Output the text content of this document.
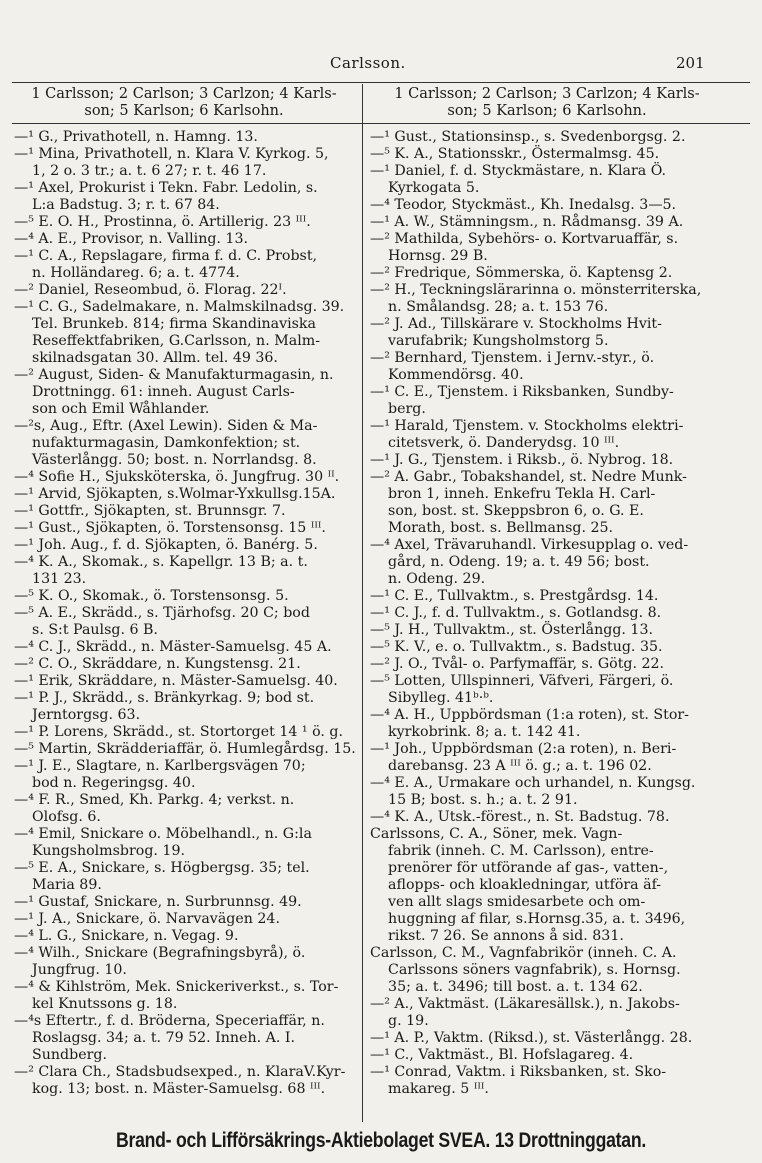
Carlsson.	201
1 Carlsson; 2 Carlson; 3 Carlzon; 4 Karls-
son; 5 Karlson; 6 Karlsohn.
1 Carlsson; 2 Carlson; 3 Carlzon; 4 Karls-
son; 5 Karlson; 6 Karlsohn.
—¹ G., Privathotell, n. Hamng. 13.
—¹ Mina, Privathotell, n. Klara V. Kyrkog. 5,
1, 2 o. 3 tr.; a. t. 6 27; r. t. 46 17.
—¹ Axel, Prokurist i Tekn. Fabr. Ledolin, s.
L:a Badstug. 3; r. t. 67 84.
—⁵ E. O. H., Prostinna, ö. Artillerig. 23 ᴵᴵᴵ.
—⁴ A. E., Provisor, n. Valling. 13.
—¹ C. A., Repslagare, firma f. d. C. Probst,
n. Holländareg. 6; a. t. 4774.
—² Daniel, Reseombud, ö. Florag. 22ᴵ.
—¹ C. G., Sadelmakare, n. Malmskilnadsg. 39.
Tel. Brunkeb. 814; firma Skandinaviska
Reseffektfabriken, G.Carlsson, n. Malm-
skilnadsgatan 30. Allm. tel. 49 36.
—² August, Siden- & Manufakturmagasin, n.
Drottningg. 61: inneh. August Carls-
son och Emil Wåhlander.
—²s, Aug., Eftr. (Axel Lewin). Siden & Ma-
nufakturmagasin, Damkonfektion; st.
Västerlångg. 50; bost. n. Norrlandsg. 8.
—⁴ Sofie H., Sjuksköterska, ö. Jungfrug. 30 ᴵᴵ.
—¹ Arvid, Sjökapten, s.Wolmar-Yxkullsg.15A.
—¹ Gottfr., Sjökapten, st. Brunnsgr. 7.
—¹ Gust., Sjökapten, ö. Torstensonsg. 15 ᴵᴵᴵ.
—¹ Joh. Aug., f. d. Sjökapten, ö. Banérg. 5.
—⁴ K. A., Skomak., s. Kapellgr. 13 B; a. t.
131 23.
—⁵ K. O., Skomak., ö. Torstensonsg. 5.
—⁵ A. E., Skrädd., s. Tjärhofsg. 20 C; bod
s. S:t Paulsg. 6 B.
—⁴ C. J., Skrädd., n. Mäster-Samuelsg. 45 A.
—² C. O., Skräddare, n. Kungstensg. 21.
—¹ Erik, Skräddare, n. Mäster-Samuelsg. 40.
—¹ P. J., Skrädd., s. Bränkyrkag. 9; bod st.
Jerntorgsg. 63.
—¹ P. Lorens, Skrädd., st. Stortorget 14 ¹ ö. g.
—⁵ Martin, Skrädderiaffär, ö. Humlegårdsg. 15.
—¹ J. E., Slagtare, n. Karlbergsvägen 70;
bod n. Regeringsg. 40.
—⁴ F. R., Smed, Kh. Parkg. 4; verkst. n.
Olofsg. 6.
—⁴ Emil, Snickare o. Möbelhandl., n. G:la
Kungsholmsbrog. 19.
—⁵ E. A., Snickare, s. Högbergsg. 35; tel.
Maria 89.
—¹ Gustaf, Snickare, n. Surbrunnsg. 49.
—¹ J. A., Snickare, ö. Narvavägen 24.
—⁴ L. G., Snickare, n. Vegag. 9.
—⁴ Wilh., Snickare (Begrafningsbyrå), ö.
Jungfrug. 10.
—⁴ & Kihlström, Mek. Snickeriverkst., s. Tor-
kel Knutssons g. 18.
—⁴s Eftertr., f. d. Bröderna, Speceriaffär, n.
Roslagsg. 34; a. t. 79 52. Inneh. A. I.
Sundberg.
—² Clara Ch., Stadsbudsexped., n. KlaraV.Kyr-
kog. 13; bost. n. Mäster-Samuelsg. 68 ᴵᴵᴵ.
—¹ Gust., Stationsinsp., s. Svedenborgsg. 2.
—⁵ K. A., Stationsskr., Östermalmsg. 45.
—¹ Daniel, f. d. Styckmästare, n. Klara Ö.
Kyrkogata 5.
—⁴ Teodor, Styckmäst., Kh. Inedalsg. 3—5.
—¹ A. W., Stämningsm., n. Rådmansg. 39 A.
—² Mathilda, Sybehörs- o. Kortvaruaffär, s.
Hornsg. 29 B.
—² Fredrique, Sömmerska, ö. Kaptensg 2.
—² H., Teckningslärarinna o. mönsterriterska,
n. Smålandsg. 28; a. t. 153 76.
—² J. Ad., Tillskärare v. Stockholms Hvit-
varufabrik; Kungsholmstorg 5.
—² Bernhard, Tjenstem. i Jernv.-styr., ö.
Kommendörsg. 40.
—¹ C. E., Tjenstem. i Riksbanken, Sundby-
berg.
—¹ Harald, Tjenstem. v. Stockholms elektri-
citetsverk, ö. Danderydsg. 10 ᴵᴵᴵ.
—¹ J. G., Tjenstem. i Riksb., ö. Nybrog. 18.
—² A. Gabr., Tobakshandel, st. Nedre Munk-
bron 1, inneh. Enkefru Tekla H. Carl-
son, bost. st. Skeppsbron 6, o. G. E.
Morath, bost. s. Bellmansg. 25.
—⁴ Axel, Trävaruhandl. Virkesupplag o. ved-
gård, n. Odeng. 19; a. t. 49 56; bost.
n. Odeng. 29.
—¹ C. E., Tullvaktm., s. Prestgårdsg. 14.
—¹ C. J., f. d. Tullvaktm., s. Gotlandsg. 8.
—⁵ J. H., Tullvaktm., st. Österlångg. 13.
—⁵ K. V., e. o. Tullvaktm., s. Badstug. 35.
—² J. O., Tvål- o. Parfymaffär, s. Götg. 22.
—⁵ Lotten, Ullspinneri, Väfveri, Färgeri, ö.
Sibylleg. 41ᵇ·ᵇ.
—⁴ A. H., Uppbördsman (1:a roten), st. Stor-
kyrkobrink. 8; a. t. 142 41.
—¹ Joh., Uppbördsman (2:a roten), n. Beri-
darebansg. 23 A ᴵᴵᴵ ö. g.; a. t. 196 02.
—⁴ E. A., Urmakare och urhandel, n. Kungsg.
15 B; bost. s. h.; a. t. 2 91.
—⁴ K. A., Utsk.-förest., n. St. Badstug. 78.
Carlssons, C. A., Söner, mek. Vagn-
fabrik (inneh. C. M. Carlsson), entre-
prenörer för utförande af gas-, vatten-,
aflopps- och kloakledningar, utföra äf-
ven allt slags smidesarbete och om-
huggning af filar, s.Hornsg.35, a. t. 3496,
rikst. 7 26. Se annons å sid. 831.
Carlsson, C. M., Vagnfabrikör (inneh. C. A.
Carlssons söners vagnfabrik), s. Hornsg.
35; a. t. 3496; till bost. a. t. 134 62.
—² A., Vaktmäst. (Läkaresällsk.), n. Jakobs-
g. 19.
—¹ A. P., Vaktm. (Riksd.), st. Västerlångg. 28.
—¹ C., Vaktmäst., Bl. Hofslagareg. 4.
—¹ Conrad, Vaktm. i Riksbanken, st. Sko-
makareg. 5 ᴵᴵᴵ.
Brand- och Lifförsäkrings-Aktiebolaget SVEA. 13 Drottninggatan.
